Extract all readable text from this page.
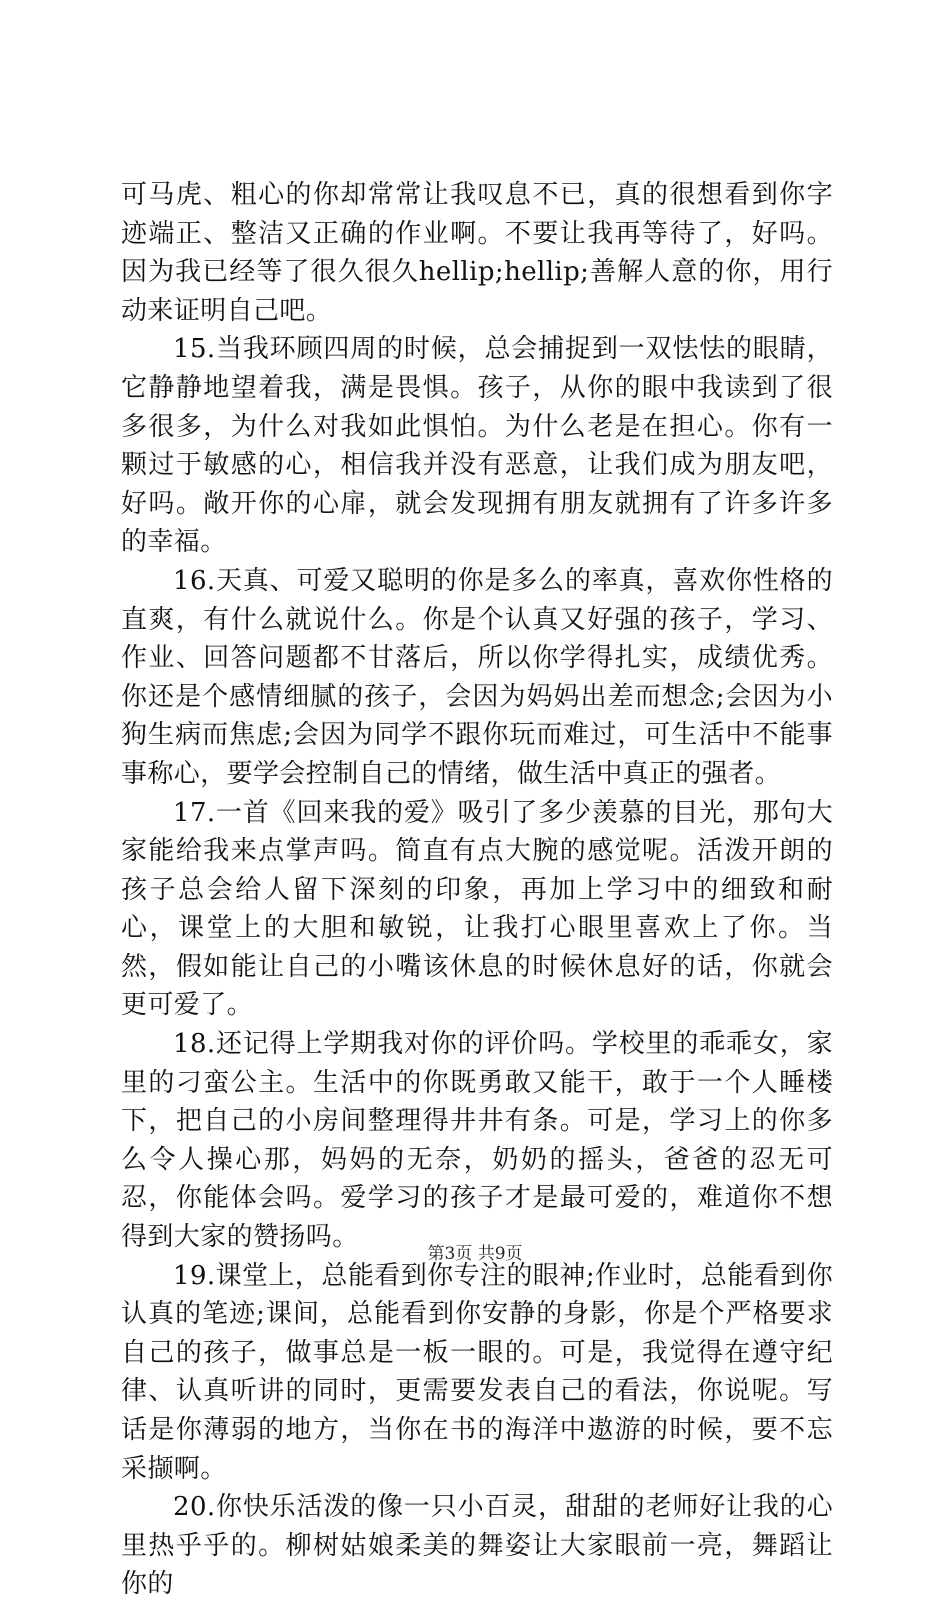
可马虎、粗心的你却常常让我叹息不已，真的很想看到你字迹端正、整洁又正确的作业啊。不要让我再等待了，好吗。因为我已经等了很久很久hellip;hellip;善解人意的你，用行动来证明自己吧。

15.当我环顾四周的时候，总会捕捉到一双怯怯的眼睛，它静静地望着我，满是畏惧。孩子，从你的眼中我读到了很多很多，为什么对我如此惧怕。为什么老是在担心。你有一颗过于敏感的心，相信我并没有恶意，让我们成为朋友吧，好吗。敞开你的心扉，就会发现拥有朋友就拥有了许多许多的幸福。

16.天真、可爱又聪明的你是多么的率真，喜欢你性格的直爽，有什么就说什么。你是个认真又好强的孩子，学习、作业、回答问题都不甘落后，所以你学得扎实，成绩优秀。你还是个感情细腻的孩子，会因为妈妈出差而想念;会因为小狗生病而焦虑;会因为同学不跟你玩而难过，可生活中不能事事称心，要学会控制自己的情绪，做生活中真正的强者。

17.一首《回来我的爱》吸引了多少羡慕的目光，那句大家能给我来点掌声吗。简直有点大腕的感觉呢。活泼开朗的孩子总会给人留下深刻的印象，再加上学习中的细致和耐心，课堂上的大胆和敏锐，让我打心眼里喜欢上了你。当然，假如能让自己的小嘴该休息的时候休息好的话，你就会更可爱了。

18.还记得上学期我对你的评价吗。学校里的乖乖女，家里的刁蛮公主。生活中的你既勇敢又能干，敢于一个人睡楼下，把自己的小房间整理得井井有条。可是，学习上的你多么令人操心那，妈妈的无奈，奶奶的摇头，爸爸的忍无可忍，你能体会吗。爱学习的孩子才是最可爱的，难道你不想得到大家的赞扬吗。

19.课堂上，总能看到你专注的眼神;作业时，总能看到你认真的笔迹;课间，总能看到你安静的身影，你是个严格要求自己的孩子，做事总是一板一眼的。可是，我觉得在遵守纪律、认真听讲的同时，更需要发表自己的看法，你说呢。写话是你薄弱的地方，当你在书的海洋中遨游的时候，要不忘采撷啊。

20.你快乐活泼的像一只小百灵，甜甜的老师好让我的心里热乎乎的。柳树姑娘柔美的舞姿让大家眼前一亮，舞蹈让你的

第3页 共9页
